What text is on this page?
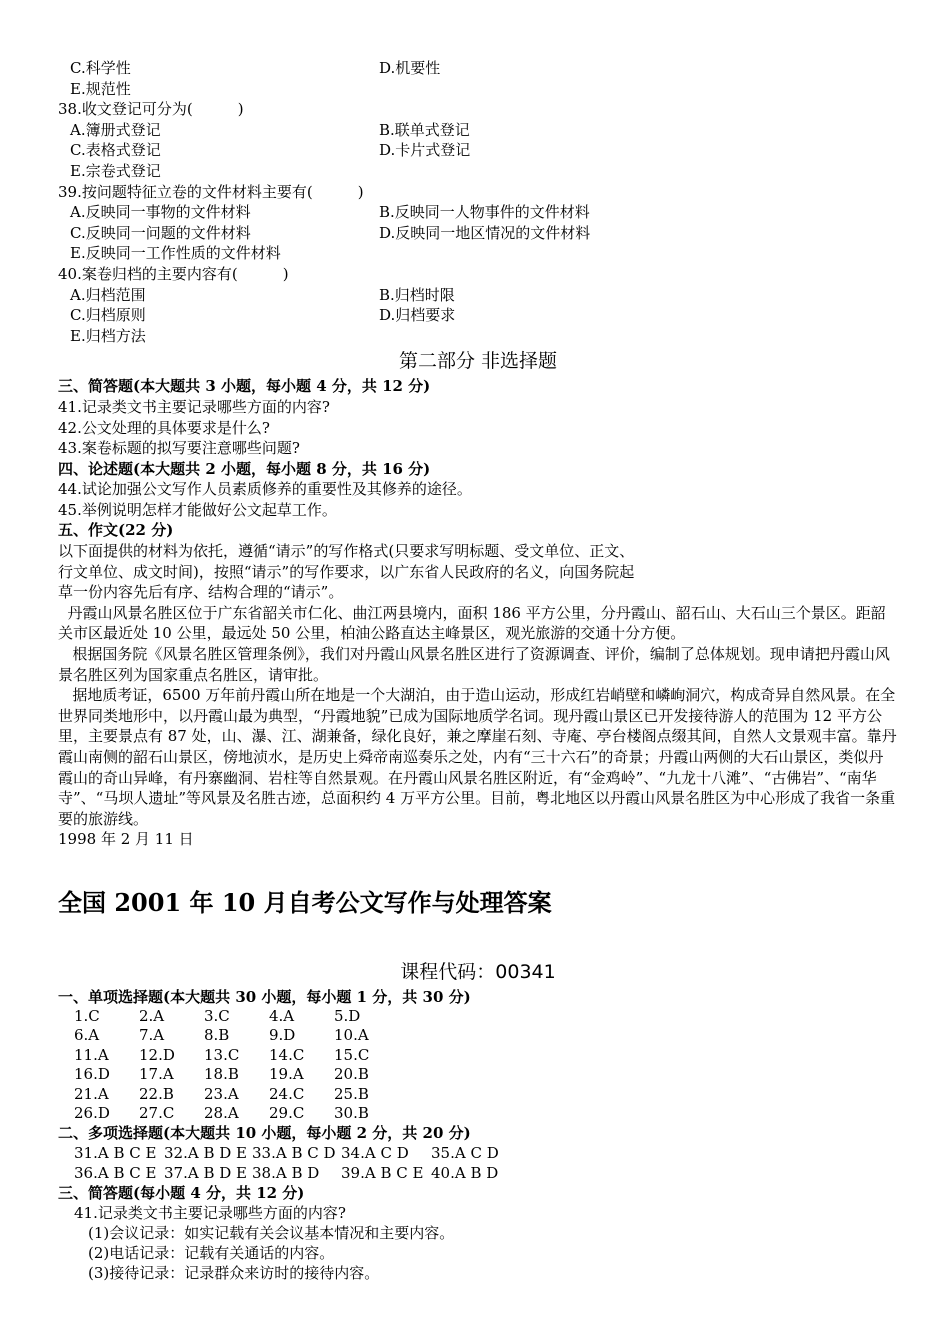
C.科学性	D.机要性
E.规范性
38.收文登记可分为(　　　)
A.簿册式登记	B.联单式登记
C.表格式登记	D.卡片式登记
E.宗卷式登记
39.按问题特征立卷的文件材料主要有(　　　)
A.反映同一事物的文件材料	B.反映同一人物事件的文件材料
C.反映同一问题的文件材料	D.反映同一地区情况的文件材料
E.反映同一工作性质的文件材料
40.案卷归档的主要内容有(　　　)
A.归档范围	B.归档时限
C.归档原则	D.归档要求
E.归档方法
第二部分 非选择题
三、简答题(本大题共 3 小题，每小题 4 分，共 12 分)
41.记录类文书主要记录哪些方面的内容?
42.公文处理的具体要求是什么?
43.案卷标题的拟写要注意哪些问题?
四、论述题(本大题共 2 小题，每小题 8 分，共 16 分)
44.试论加强公文写作人员素质修养的重要性及其修养的途径。
45.举例说明怎样才能做好公文起草工作。
五、作文(22 分)
以下面提供的材料为依托，遵循“请示”的写作格式(只要求写明标题、受文单位、正文、
行文单位、成文时间)，按照“请示”的写作要求，以广东省人民政府的名义，向国务院起
草一份内容先后有序、结构合理的“请示”。
丹霞山风景名胜区位于广东省韶关市仁化、曲江两县境内，面积 186 平方公里，分丹霞山、韶石山、大石山三个景区。距韶关市区最近处 10 公里，最远处 50 公里，柏油公路直达主峰景区，观光旅游的交通十分方便。
根据国务院《风景名胜区管理条例》，我们对丹霞山风景名胜区进行了资源调查、评价，编制了总体规划。现申请把丹霞山风景名胜区列为国家重点名胜区，请审批。
据地质考证，6500 万年前丹霞山所在地是一个大湖泊，由于造山运动，形成红岩峭壁和嶙峋洞穴，构成奇异自然风景。在全世界同类地形中，以丹霞山最为典型，“丹霞地貌”已成为国际地质学名词。现丹霞山景区已开发接待游人的范围为 12 平方公里，主要景点有 87 处，山、瀑、江、湖兼备，绿化良好，兼之摩崖石刻、寺庵、亭台楼阁点缀其间，自然人文景观丰富。靠丹霞山南侧的韶石山景区，傍地浈水，是历史上舜帝南巡奏乐之处，内有“三十六石”的奇景；丹霞山两侧的大石山景区，类似丹霞山的奇山异峰，有丹寨幽洞、岩柱等自然景观。在丹霞山风景名胜区附近，有“金鸡岭”、“九龙十八滩”、“古佛岩”、“南华寺”、“马坝人遗址”等风景及名胜古迹，总面积约 4 万平方公里。目前，粤北地区以丹霞山风景名胜区为中心形成了我省一条重要的旅游线。
1998 年 2 月 11 日
全国 2001 年 10 月自考公文写作与处理答案
课程代码：00341
一、单项选择题(本大题共 30 小题，每小题 1 分，共 30 分)
1.C	2.A	3.C	4.A	5.D
6.A	7.A	8.B	9.D	10.A
11.A 12.D 13.C 14.C 15.C
16.D 17.A 18.B 19.A 20.B
21.A 22.B 23.A 24.C 25.B
26.D 27.C 28.A 29.C 30.B
二、多项选择题(本大题共 10 小题，每小题 2 分，共 20 分)
31.A B C E 32.A B D E 33.A B C D 34.A C D 35.A C D
36.A B C E 37.A B D E 38.A B D 39.A B C E 40.A B D
三、简答题(每小题 4 分，共 12 分)
41.记录类文书主要记录哪些方面的内容?
(1)会议记录：如实记载有关会议基本情况和主要内容。
(2)电话记录：记载有关通话的内容。
(3)接待记录：记录群众来访时的接待内容。
